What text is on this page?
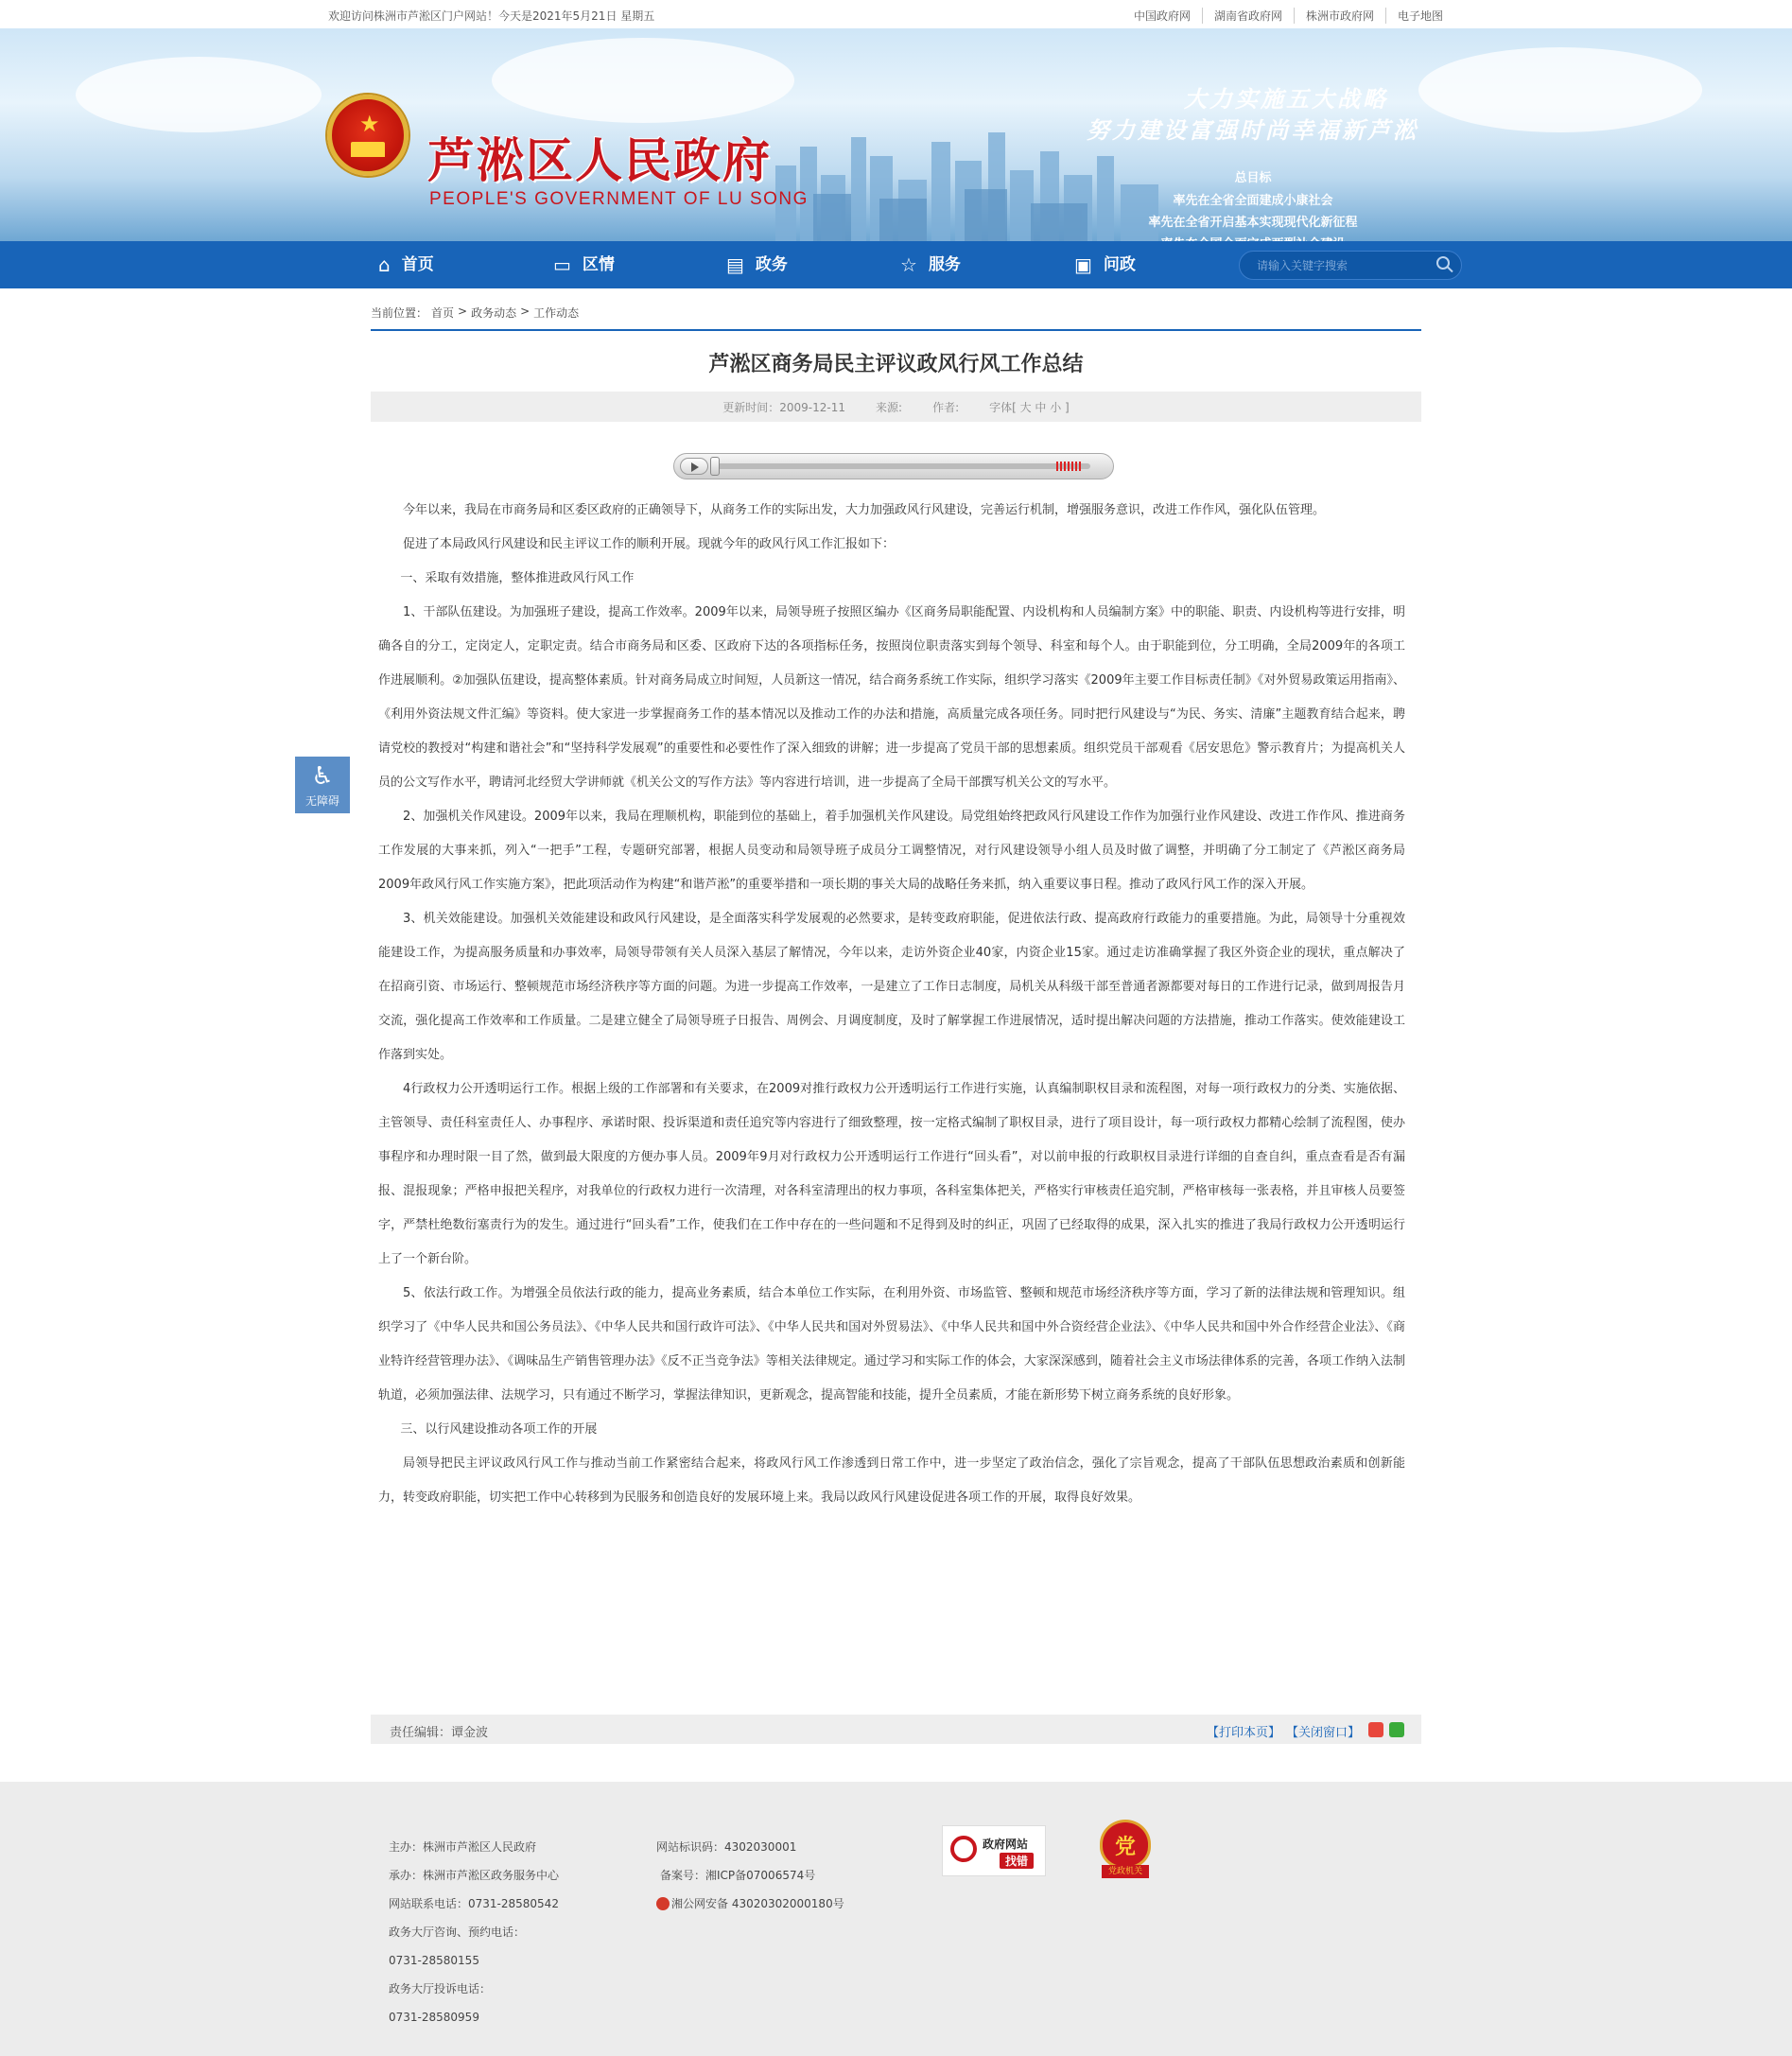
欢迎访问株洲市芦淞区门户网站！今天是2021年5月21日 星期五	中国政府网	湖南省政府网	株洲市政府网	电子地图
★
芦淞区人民政府
PEOPLE'S GOVERNMENT OF LU SONG
大力实施五大战略
努力建设富强时尚幸福新芦淞
总目标
率先在全省全面建成小康社会
率先在全省开启基本实现现代化新征程
⌂ 首页	▭ 区情	▤ 政务	☆ 服务	▣ 问政
请输入关键字搜索
当前位置： 首页 > 政务动态 > 工作动态
芦淞区商务局民主评议政风行风工作总结
更新时间：2009-12-11	来源:	作者:	字体[ 大 中 小 ]

今年以来，我局在市商务局和区委区政府的正确领导下，从商务工作的实际出发，大力加强政风行风建设，完善运行机制，增强服务意识，改进工作作风，强化队伍管理。

促进了本局政风行风建设和民主评议工作的顺利开展。现就今年的政风行风工作汇报如下：

一、采取有效措施，整体推进政风行风工作

1、干部队伍建设。为加强班子建设，提高工作效率。2009年以来，局领导班子按照区编办《区商务局职能配置、内设机构和人员编制方案》中的职能、职责、内设机构等进行安排，明确各自的分工，定岗定人，定职定责。结合市商务局和区委、区政府下达的各项指标任务，按照岗位职责落实到每个领导、科室和每个人。由于职能到位，分工明确，全局2009年的各项工作进展顺利。②加强队伍建设，提高整体素质。针对商务局成立时间短，人员新这一情况，结合商务系统工作实际，组织学习落实《2009年主要工作目标责任制》《对外贸易政策运用指南》、《利用外资法规文件汇编》等资料。使大家进一步掌握商务工作的基本情况以及推动工作的办法和措施，高质量完成各项任务。同时把行风建设与“为民、务实、清廉”主题教育结合起来，聘请党校的教授对“构建和谐社会”和“坚持科学发展观”的重要性和必要性作了深入细致的讲解；进一步提高了党员干部的思想素质。组织党员干部观看《居安思危》警示教育片；为提高机关人员的公文写作水平，聘请河北经贸大学讲师就《机关公文的写作方法》等内容进行培训，进一步提高了全局干部撰写机关公文的写水平。

2、加强机关作风建设。2009年以来，我局在理顺机构，职能到位的基础上，着手加强机关作风建设。局党组始终把政风行风建设工作作为加强行业作风建设、改进工作作风、推进商务工作发展的大事来抓，列入“一把手”工程，专题研究部署，根据人员变动和局领导班子成员分工调整情况，对行风建设领导小组人员及时做了调整，并明确了分工制定了《芦淞区商务局2009年政风行风工作实施方案》，把此项活动作为构建“和谐芦淞”的重要举措和一项长期的事关大局的战略任务来抓，纳入重要议事日程。推动了政风行风工作的深入开展。

3、机关效能建设。加强机关效能建设和政风行风建设，是全面落实科学发展观的必然要求，是转变政府职能，促进依法行政、提高政府行政能力的重要措施。为此，局领导十分重视效能建设工作，为提高服务质量和办事效率，局领导带领有关人员深入基层了解情况，今年以来，走访外资企业40家，内资企业15家。通过走访准确掌握了我区外资企业的现状，重点解决了在招商引资、市场运行、整顿规范市场经济秩序等方面的问题。为进一步提高工作效率，一是建立了工作日志制度，局机关从科级干部至普通者源都要对每日的工作进行记录，做到周报告月交流，强化提高工作效率和工作质量。二是建立健全了局领导班子日报告、周例会、月调度制度，及时了解掌握工作进展情况，适时提出解决问题的方法措施，推动工作落实。使效能建设工作落到实处。

4行政权力公开透明运行工作。根据上级的工作部署和有关要求，在2009对推行政权力公开透明运行工作进行实施，认真编制职权目录和流程图，对每一项行政权力的分类、实施依据、主管领导、责任科室责任人、办事程序、承诺时限、投诉渠道和责任追究等内容进行了细致整理，按一定格式编制了职权目录，进行了项目设计，每一项行政权力都精心绘制了流程图，使办事程序和办理时限一目了然，做到最大限度的方便办事人员。2009年9月对行政权力公开透明运行工作进行“回头看”，对以前申报的行政职权目录进行详细的自查自纠，重点查看是否有漏报、混报现象；严格申报把关程序，对我单位的行政权力进行一次清理，对各科室清理出的权力事项，各科室集体把关，严格实行审核责任追究制，严格审核每一张表格，并且审核人员要签字，严禁杜绝数衍塞责行为的发生。通过进行“回头看”工作，使我们在工作中存在的一些问题和不足得到及时的纠正，巩固了已经取得的成果，深入扎实的推进了我局行政权力公开透明运行上了一个新台阶。

5、依法行政工作。为增强全员依法行政的能力，提高业务素质，结合本单位工作实际，在利用外资、市场监管、整顿和规范市场经济秩序等方面，学习了新的法律法规和管理知识。组织学习了《中华人民共和国公务员法》、《中华人民共和国行政许可法》、《中华人民共和国对外贸易法》、《中华人民共和国中外合资经营企业法》、《中华人民共和国中外合作经营企业法》、《商业特许经营管理办法》、《调味品生产销售管理办法》《反不正当竞争法》等相关法律规定。通过学习和实际工作的体会，大家深深感到，随着社会主义市场法律体系的完善，各项工作纳入法制轨道，必须加强法律、法规学习，只有通过不断学习，掌握法律知识，更新观念，提高智能和技能，提升全员素质，才能在新形势下树立商务系统的良好形象。

三、以行风建设推动各项工作的开展

局领导把民主评议政风行风工作与推动当前工作紧密结合起来，将政风行风工作渗透到日常工作中，进一步坚定了政治信念，强化了宗旨观念，提高了干部队伍思想政治素质和创新能力，转变政府职能，切实把工作中心转移到为民服务和创造良好的发展环境上来。我局以政风行风建设促进各项工作的开展，取得良好效果。

♿
无障碍
责任编辑：谭金波	【打印本页】 【关闭窗口】
主办：株洲市芦淞区人民政府
承办：株洲市芦淞区政务服务中心
网站联系电话：0731-28580542
政务大厅咨询、预约电话：
0731-28580155
政务大厅投诉电话：
0731-28580959
网站标识码：4302030001
备案号：湘ICP备07006574号
湘公网安备 43020302000180号
政府网站
找错
党
党政机关
